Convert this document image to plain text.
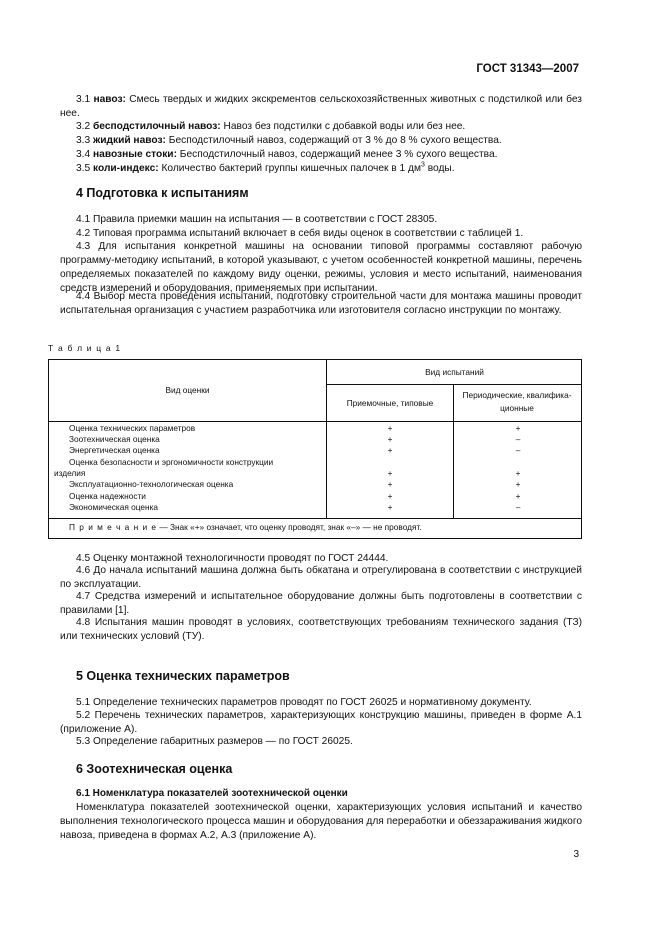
ГОСТ 31343—2007
3.1 навоз: Смесь твердых и жидких экскрементов сельскохозяйственных животных с подстилкой или без нее.
3.2 бесподстилочный навоз: Навоз без подстилки с добавкой воды или без нее.
3.3 жидкий навоз: Бесподстилочный навоз, содержащий от 3 % до 8 % сухого вещества.
3.4 навозные стоки: Бесподстилочный навоз, содержащий менее 3 % сухого вещества.
3.5 коли-индекс: Количество бактерий группы кишечных палочек в 1 $дм^3$ воды.
4 Подготовка к испытаниям
4.1 Правила приемки машин на испытания — в соответствии с ГОСТ 28305.
4.2 Типовая программа испытаний включает в себя виды оценок в соответствии с таблицей 1.
4.3 Для испытания конкретной машины на основании типовой программы составляют рабочую программу-методику испытаний, в которой указывают, с учетом особенностей конкретной машины, перечень определяемых показателей по каждому виду оценки, режимы, условия и место испытаний, наименования средств измерений и оборудования, применяемых при испытании.
4.4 Выбор места проведения испытаний, подготовку строительной части для монтажа машины проводит испытательная организация с участием разработчика или изготовителя согласно инструкции по монтажу.
Т а б л и ц а 1
Вид оценки
Вид испытаний
Приемочные, типовые
Периодические, квалифика-ционные
Оценка технических параметров	+	+
Зоотехническая оценка	+	–
Энергетическая оценка	+	–
Оценка безопасности и эргономичности конструкции
изделия	+	+
Эксплуатационно-технологическая оценка	+	+
Оценка надежности	+	+
Экономическая оценка	+	–
П р и м е ч а н и е — Знак «+» означает, что оценку проводят, знак «–» — не проводят.
4.5 Оценку монтажной технологичности проводят по ГОСТ 24444.
4.6 До начала испытаний машина должна быть обкатана и отрегулирована в соответствии с инструкцией по эксплуатации.
4.7 Средства измерений и испытательное оборудование должны быть подготовлены в соответствии с правилами [1].
4.8 Испытания машин проводят в условиях, соответствующих требованиям технического задания (ТЗ) или технических условий (ТУ).
5 Оценка технических параметров
5.1 Определение технических параметров проводят по ГОСТ 26025 и нормативному документу.
5.2 Перечень технических параметров, характеризующих конструкцию машины, приведен в форме А.1 (приложение А).
5.3 Определение габаритных размеров — по ГОСТ 26025.
6 Зоотехническая оценка
6.1 Номенклатура показателей зоотехнической оценки
Номенклатура показателей зоотехнической оценки, характеризующих условия испытаний и качество выполнения технологического процесса машин и оборудования для переработки и обеззараживания жидкого навоза, приведена в формах А.2, А.3 (приложение А).
3
